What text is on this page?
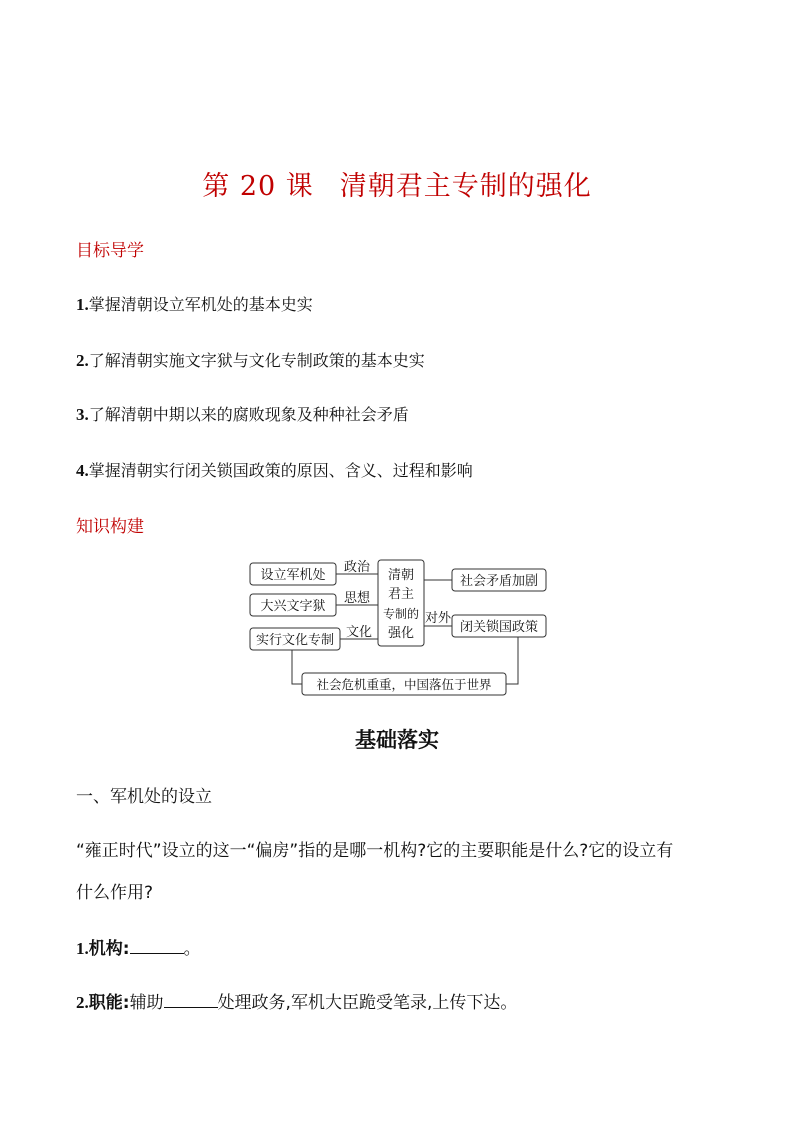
第 20 课 清朝君主专制的强化
目标导学
1.掌握清朝设立军机处的基本史实
2.了解清朝实施文字狱与文化专制政策的基本史实
3.了解清朝中期以来的腐败现象及种种社会矛盾
4.掌握清朝实行闭关锁国政策的原因、含义、过程和影响
知识构建
设立军机处
大兴文字狱
实行文化专制
政治
思想
文化
清朝
君主
专制的
强化
对外
社会矛盾加剧
闭关锁国政策
社会危机重重，中国落伍于世界
基础落实
一、军机处的设立
“雍正时代”设立的这一“偏房”指的是哪一机构?它的主要职能是什么?它的设立有
什么作用?
1.机构:	。
2.职能:辅助	处理政务,军机大臣跪受笔录,上传下达。
